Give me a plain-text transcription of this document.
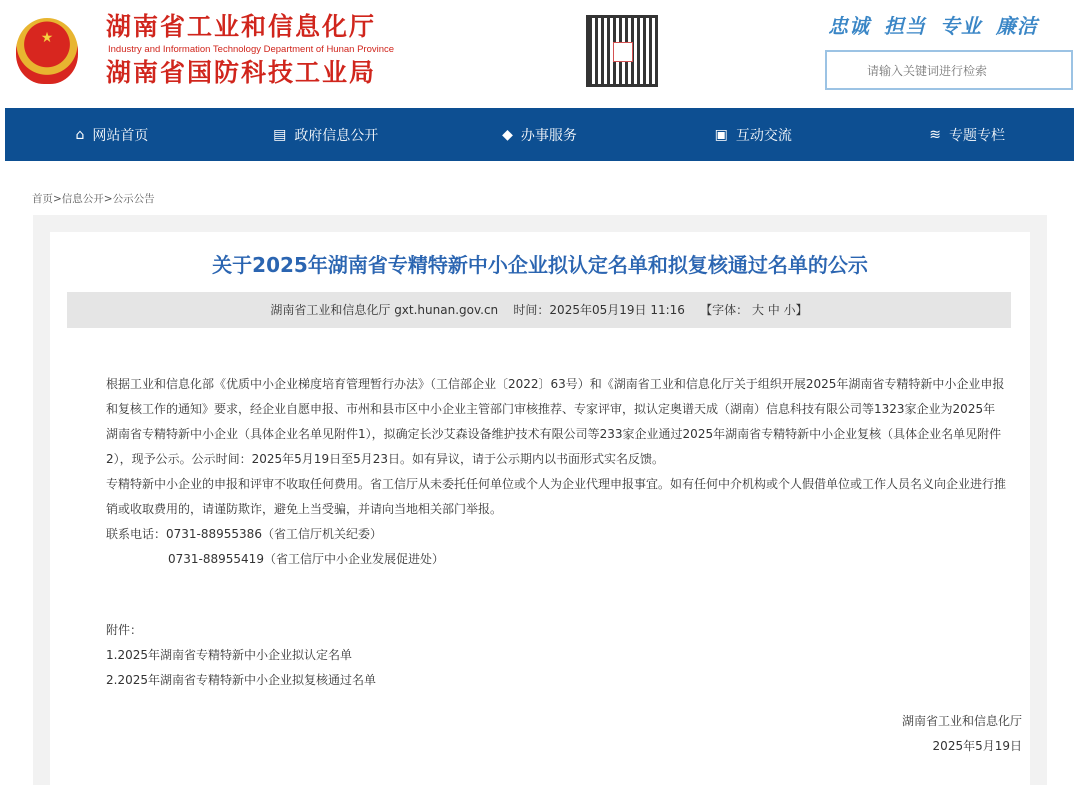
★	湖南省工业和信息化厅
Industry and Information Technology Department of Hunan Province
湖南省国防科技工业局
忠诚 担当 专业 廉洁
请输入关键词进行检索
⌂ 网站首页	▤ 政府信息公开	◆ 办事服务	▣ 互动交流	≋ 专题专栏
首页>信息公开>公示公告
关于2025年湖南省专精特新中小企业拟认定名单和拟复核通过名单的公示
湖南省工业和信息化厅 gxt.hunan.gov.cn    时间：2025年05月19日 11:16    【字体： 大 中 小】

根据工业和信息化部《优质中小企业梯度培育管理暂行办法》（工信部企业〔2022〕63号）和《湖南省工业和信息化厅关于组织开展2025年湖南省专精特新中小企业申报和复核工作的通知》要求，经企业自愿申报、市州和县市区中小企业主管部门审核推荐、专家评审，拟认定奥谱天成（湖南）信息科技有限公司等1323家企业为2025年湖南省专精特新中小企业（具体企业名单见附件1），拟确定长沙艾森设备维护技术有限公司等233家企业通过2025年湖南省专精特新中小企业复核（具体企业名单见附件2），现予公示。公示时间：2025年5月19日至5月23日。如有异议，请于公示期内以书面形式实名反馈。

专精特新中小企业的申报和评审不收取任何费用。省工信厅从未委托任何单位或个人为企业代理申报事宜。如有任何中介机构或个人假借单位或工作人员名义向企业进行推销或收取费用的，请谨防欺诈，避免上当受骗，并请向当地相关部门举报。

联系电话：0731-88955386（省工信厅机关纪委）

0731-88955419（省工信厅中小企业发展促进处）

附件：

1.2025年湖南省专精特新中小企业拟认定名单

2.2025年湖南省专精特新中小企业拟复核通过名单

湖南省工业和信息化厅

2025年5月19日
